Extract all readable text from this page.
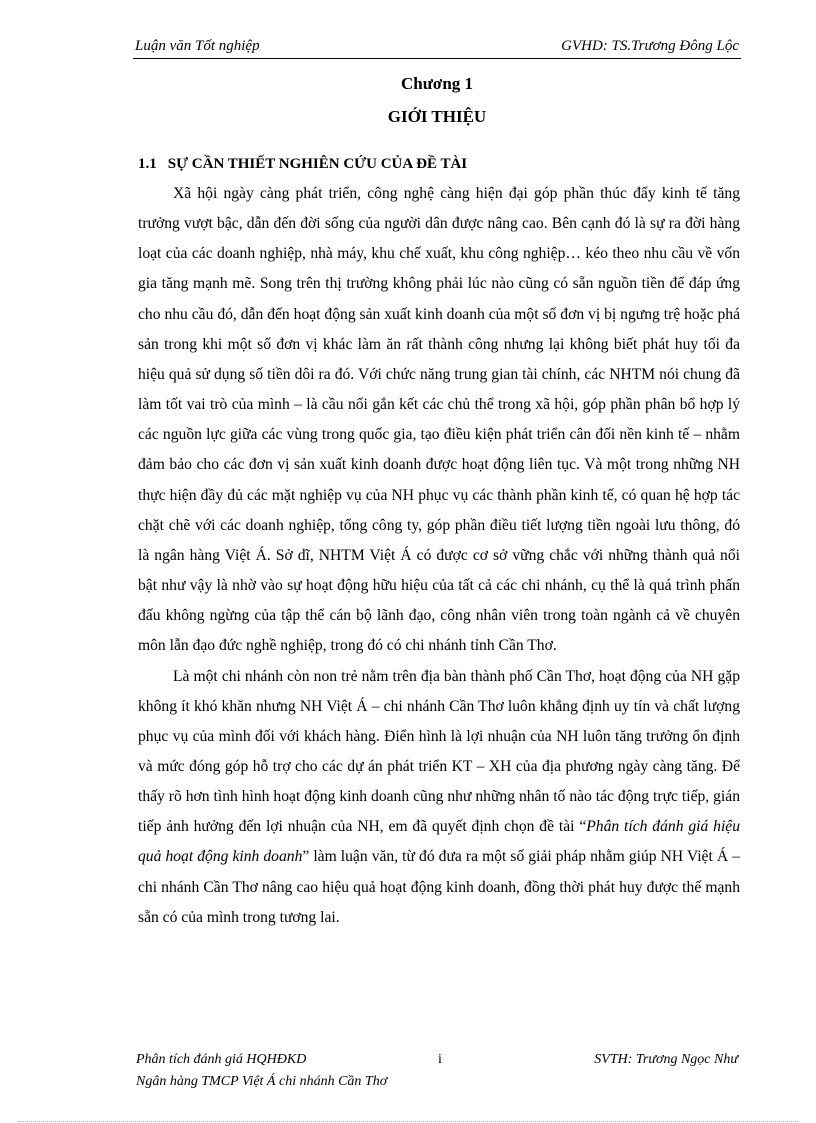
Luận văn Tốt nghiệp	GVHD: TS.Trương Đông Lộc
Chương 1
GIỚI THIỆU
1.1 SỰ CẦN THIẾT NGHIÊN CỨU CỦA ĐỀ TÀI

Xã hội ngày càng phát triển, công nghệ càng hiện đại góp phần thúc đẩy kinh tế tăng trưởng vượt bậc, dẫn đến đời sống của người dân được nâng cao. Bên cạnh đó là sự ra đời hàng loạt của các doanh nghiệp, nhà máy, khu chế xuất, khu công nghiệp… kéo theo nhu cầu về vốn gia tăng mạnh mẽ. Song trên thị trường không phải lúc nào cũng có sẵn nguồn tiền để đáp ứng cho nhu cầu đó, dẫn đến hoạt động sản xuất kinh doanh của một số đơn vị bị ngưng trệ hoặc phá sản trong khi một số đơn vị khác làm ăn rất thành công nhưng lại không biết phát huy tối đa hiệu quả sử dụng số tiền dôi ra đó. Với chức năng trung gian tài chính, các NHTM nói chung đã làm tốt vai trò của mình – là cầu nối gắn kết các chủ thể trong xã hội, góp phần phân bổ hợp lý các nguồn lực giữa các vùng trong quốc gia, tạo điều kiện phát triển cân đối nền kinh tế – nhằm đảm bảo cho các đơn vị sản xuất kinh doanh được hoạt động liên tục. Và một trong những NH thực hiện đầy đủ các mặt nghiệp vụ của NH phục vụ các thành phần kinh tế, có quan hệ hợp tác chặt chẽ với các doanh nghiệp, tổng công ty, góp phần điều tiết lượng tiền ngoài lưu thông, đó là ngân hàng Việt Á. Sở dĩ, NHTM Việt Á có được cơ sở vững chắc với những thành quả nổi bật như vậy là nhờ vào sự hoạt động hữu hiệu của tất cả các chi nhánh, cụ thể là quá trình phấn đấu không ngừng của tập thể cán bộ lãnh đạo, công nhân viên trong toàn ngành cả về chuyên môn lẫn đạo đức nghề nghiệp, trong đó có chi nhánh tỉnh Cần Thơ.

Là một chi nhánh còn non trẻ nằm trên địa bàn thành phố Cần Thơ, hoạt động của NH gặp không ít khó khăn nhưng NH Việt Á – chi nhánh Cần Thơ luôn khẳng định uy tín và chất lượng phục vụ của mình đối với khách hàng. Điển hình là lợi nhuận của NH luôn tăng trưởng ổn định và mức đóng góp hỗ trợ cho các dự án phát triển KT – XH của địa phương ngày càng tăng. Để thấy rõ hơn tình hình hoạt động kinh doanh cũng như những nhân tố nào tác động trực tiếp, gián tiếp ảnh hưởng đến lợi nhuận của NH, em đã quyết định chọn đề tài “Phân tích đánh giá hiệu quả hoạt động kinh doanh” làm luận văn, từ đó đưa ra một số giải pháp nhằm giúp NH Việt Á – chi nhánh Cần Thơ nâng cao hiệu quả hoạt động kinh doanh, đồng thời phát huy được thế mạnh sẵn có của mình trong tương lai.

Phân tích đánh giá HQHĐKD	i	SVTH: Trương Ngọc Như
Ngân hàng TMCP Việt Á chi nhánh Cần Thơ
